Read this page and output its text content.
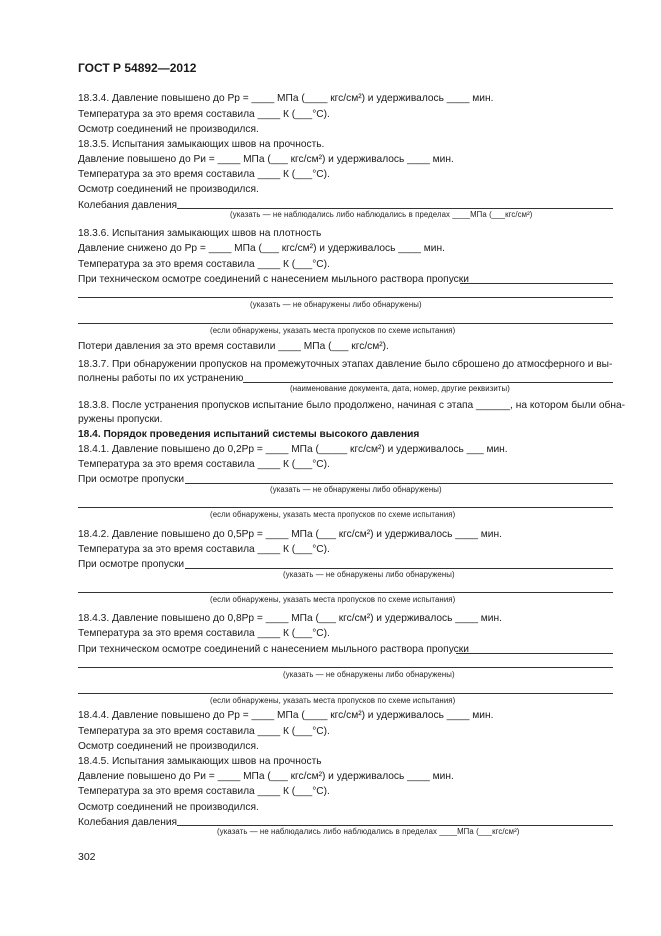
ГОСТ Р 54892—2012
18.3.4. Давление повышено до Pр = ____ МПа (____ кгс/см²) и удерживалось ____ мин.
Температура за это время составила ____ К (___°С).
Осмотр соединений не производился.
18.3.5. Испытания замыкающих швов на прочность.
Давление повышено до Pи = ____ МПа (___ кгс/см²) и удерживалось ____ мин.
Температура за это время составила ____ К (___°С).
Осмотр соединений не производился.
Колебания давления
(указать — не наблюдались либо наблюдались в пределах ____МПа (___кгс/см²)
18.3.6. Испытания замыкающих швов на плотность
Давление снижено до Pр = ____ МПа (___ кгс/см²) и удерживалось ____ мин.
Температура за это время составила ____ К (___°С).
При техническом осмотре соединений с нанесением мыльного раствора пропуски
(указать — не обнаружены либо обнаружены)
(если обнаружены, указать места пропусков по схеме испытания)
Потери давления за это время составили ____ МПа (___ кгс/см²).
18.3.7. При обнаружении пропусков на промежуточных этапах давление было сброшено до атмосферного и вы-
полнены работы по их устранению
(наименование документа, дата, номер, другие реквизиты)
18.3.8. После устранения пропусков испытание было продолжено, начиная с этапа ______, на котором были обна-
ружены пропуски.
18.4. Порядок проведения испытаний системы высокого давления
18.4.1. Давление повышено до 0,2Pр = ____ МПа (_____ кгс/см²) и удерживалось ___ мин.
Температура за это время составила ____ К (___°С).
При осмотре пропуски
(указать — не обнаружены либо обнаружены)
(если обнаружены, указать места пропусков по схеме испытания)
18.4.2. Давление повышено до 0,5Pр = ____ МПа (___ кгс/см²) и удерживалось ____ мин.
Температура за это время составила ____ К (___°С).
При осмотре пропуски
(указать — не обнаружены либо обнаружены)
(если обнаружены, указать места пропусков по схеме испытания)
18.4.3. Давление повышено до 0,8Pр = ____ МПа (___ кгс/см²) и удерживалось ____ мин.
Температура за это время составила ____ К (___°С).
При техническом осмотре соединений с нанесением мыльного раствора пропуски
(указать — не обнаружены либо обнаружены)
(если обнаружены, указать места пропусков по схеме испытания)
18.4.4. Давление повышено до Pр = ____ МПа (____ кгс/см²) и удерживалось ____ мин.
Температура за это время составила ____ К (___°С).
Осмотр соединений не производился.
18.4.5. Испытания замыкающих швов на прочность
Давление повышено до Pи = ____ МПа (___ кгс/см²) и удерживалось ____ мин.
Температура за это время составила ____ К (___°С).
Осмотр соединений не производился.
Колебания давления
(указать — не наблюдались либо наблюдались в пределах ____МПа (___кгс/см²)
302
